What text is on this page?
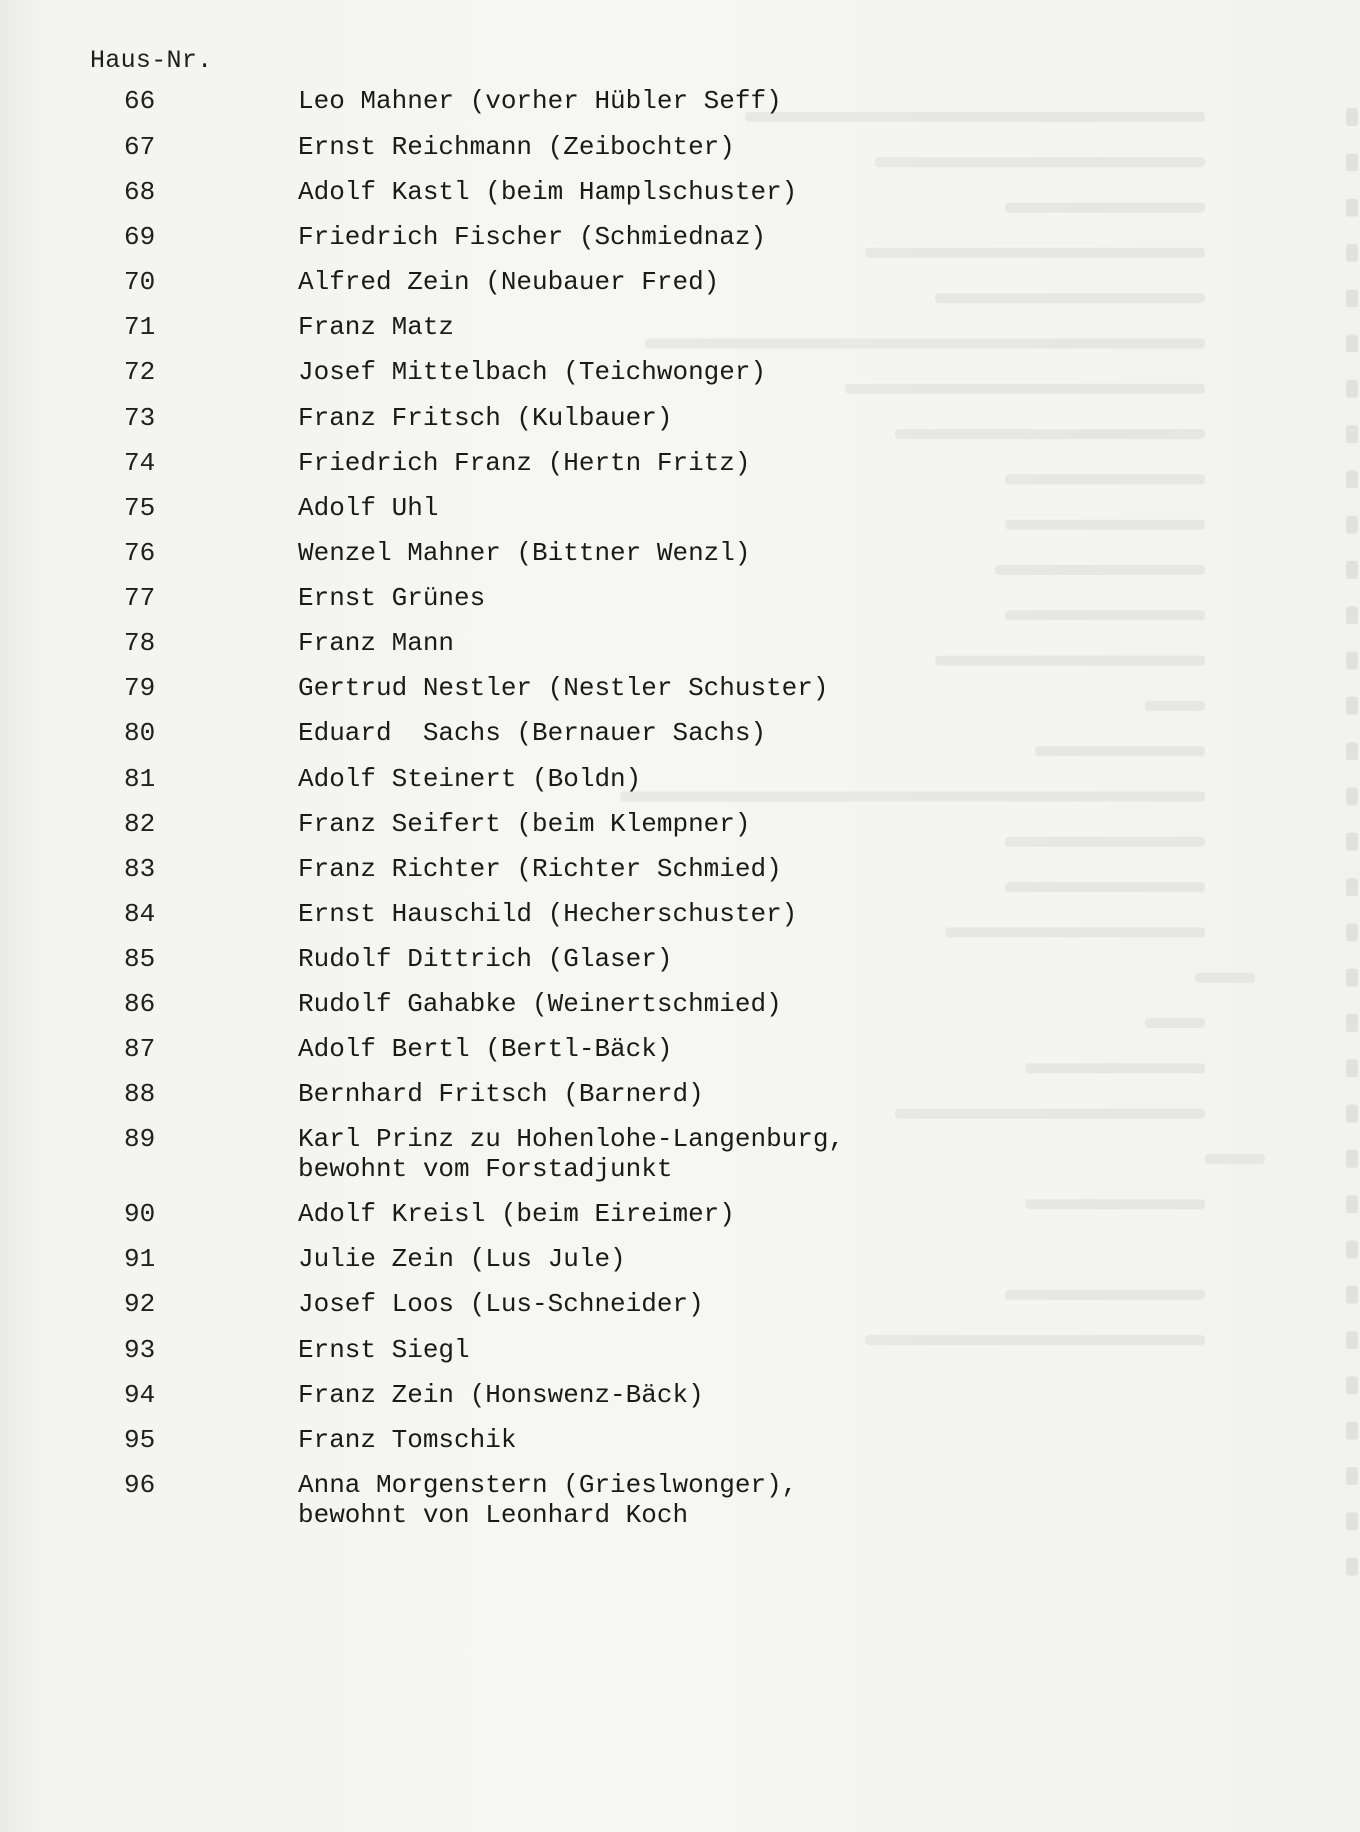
Haus-Nr.
66	Leo Mahner (vorher Hübler Seff)
67	Ernst Reichmann (Zeibochter)
68	Adolf Kastl (beim Hamplschuster)
69	Friedrich Fischer (Schmiednaz)
70	Alfred Zein (Neubauer Fred)
71	Franz Matz
72	Josef Mittelbach (Teichwonger)
73	Franz Fritsch (Kulbauer)
74	Friedrich Franz (Hertn Fritz)
75	Adolf Uhl
76	Wenzel Mahner (Bittner Wenzl)
77	Ernst Grünes
78	Franz Mann
79	Gertrud Nestler (Nestler Schuster)
80	Eduard  Sachs (Bernauer Sachs)
81	Adolf Steinert (Boldn)
82	Franz Seifert (beim Klempner)
83	Franz Richter (Richter Schmied)
84	Ernst Hauschild (Hecherschuster)
85	Rudolf Dittrich (Glaser)
86	Rudolf Gahabke (Weinertschmied)
87	Adolf Bertl (Bertl-Bäck)
88	Bernhard Fritsch (Barnerd)
89	Karl Prinz zu Hohenlohe-Langenburg,
bewohnt vom Forstadjunkt
90	Adolf Kreisl (beim Eireimer)
91	Julie Zein (Lus Jule)
92	Josef Loos (Lus-Schneider)
93	Ernst Siegl
94	Franz Zein (Honswenz-Bäck)
95	Franz Tomschik
96	Anna Morgenstern (Grieslwonger),
bewohnt von Leonhard Koch
